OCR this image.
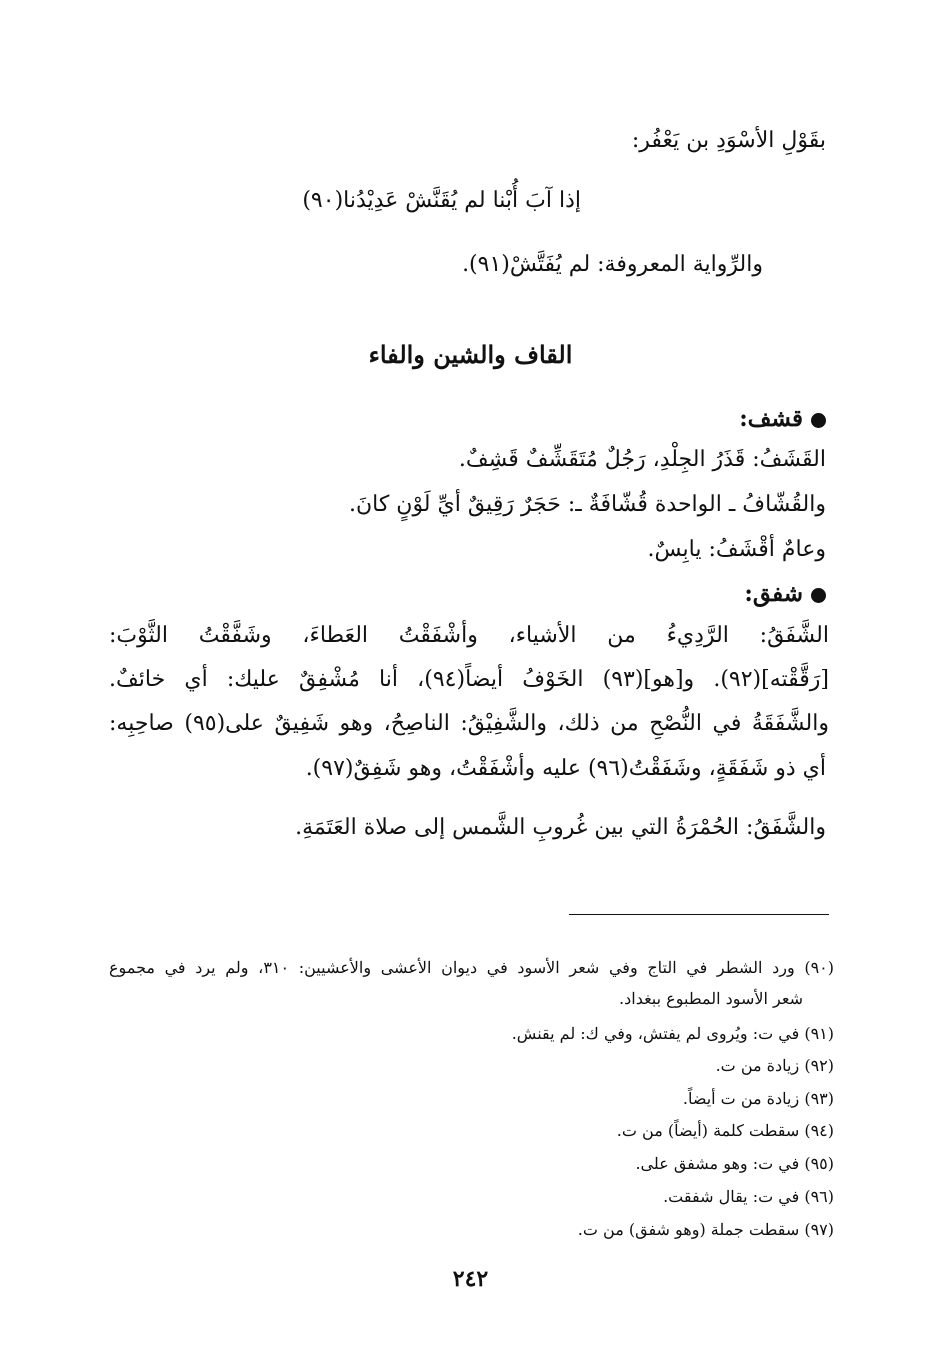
بقَوْلِ الأسْوَدِ بن يَعْفُر:
إذا آبَ أُبْنا لم يُقَنَّشْ عَدِيْدُنا(٩٠)
والرِّواية المعروفة: لم يُفَتَّشْ(٩١).
القاف والشين والفاء
قشف:
القَشَفُ: قَذَرُ الجِلْدِ، رَجُلٌ مُتَقَشِّفٌ قَشِفٌ.
والقُشّافُ ـ الواحدة قُشّافَةٌ ـ: حَجَرٌ رَقِيقٌ أيِّ لَوْنٍ كانَ.
وعامٌ أقْشَفُ: يابِسٌ.
شفق:
الشَّفَقُ: الرَّدِيءُ من الأشياء، وأشْفَقْتُ العَطاءَ، وشَفَّقْتُ الثَّوْبَ:
[رَقَّقْته](٩٢). و[هو](٩٣) الخَوْفُ أيضاً(٩٤)، أنا مُشْفِقٌ عليك: أي خائفٌ.
والشَّفَقَةُ في النُّصْحِ من ذلك، والشَّفِيْقُ: الناصِحُ، وهو شَفِيقٌ على(٩٥) صاحِبِه:
أي ذو شَفَقَةٍ، وشَفَقْتُ(٩٦) عليه وأشْفَقْتُ، وهو شَفِقٌ(٩٧).
والشَّفَقُ: الحُمْرَةُ التي بين غُروبِ الشَّمس إلى صلاة العَتَمَةِ.
(٩٠) ورد الشطر في التاج وفي شعر الأسود في ديوان الأعشى والأعشيين: ٣١٠، ولم يرد في مجموع
شعر الأسود المطبوع ببغداد.
(٩١) في ت: ويُروى لم يفتش، وفي ك: لم يقنش.
(٩٢) زيادة من ت.
(٩٣) زيادة من ت أيضاً.
(٩٤) سقطت كلمة (أيضاً) من ت.
(٩٥) في ت: وهو مشفق على.
(٩٦) في ت: يقال شفقت.
(٩٧) سقطت جملة (وهو شفق) من ت.
٢٤٢
